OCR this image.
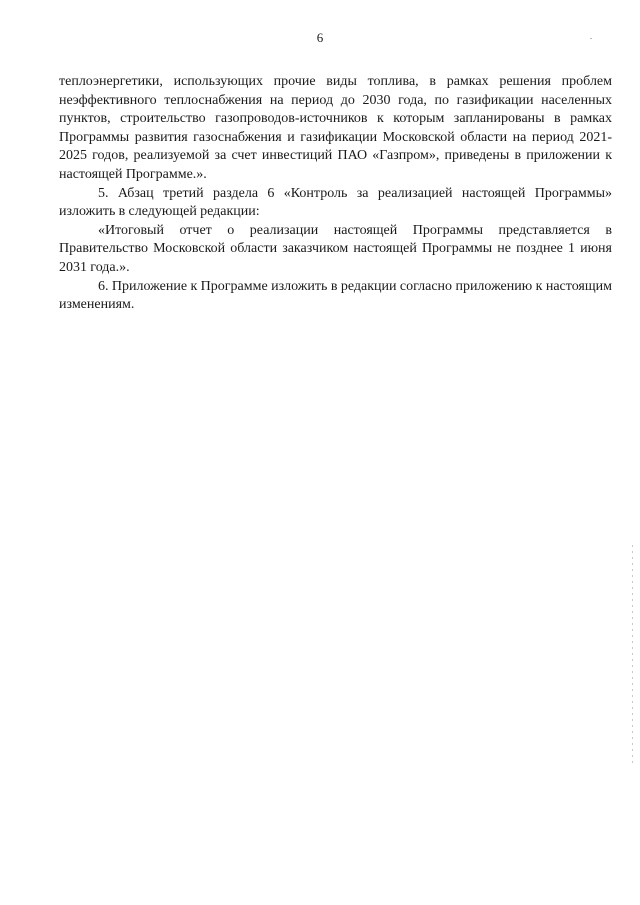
6

теплоэнергетики, использующих прочие виды топлива, в рамках решения проблем неэффективного теплоснабжения на период до 2030 года, по газификации населенных пунктов, строительство газопроводов-источников к которым запланированы в рамках Программы развития газоснабжения и газификации Московской области на период 2021-2025 годов, реализуемой за счет инвестиций ПАО «Газпром», приведены в приложении к настоящей Программе.».

5. Абзац третий раздела 6 «Контроль за реализацией настоящей Программы» изложить в следующей редакции:

«Итоговый отчет о реализации настоящей Программы представляется в Правительство Московской области заказчиком настоящей Программы не позднее 1 июня 2031 года.».

6. Приложение к Программе изложить в редакции согласно приложению к настоящим изменениям.
